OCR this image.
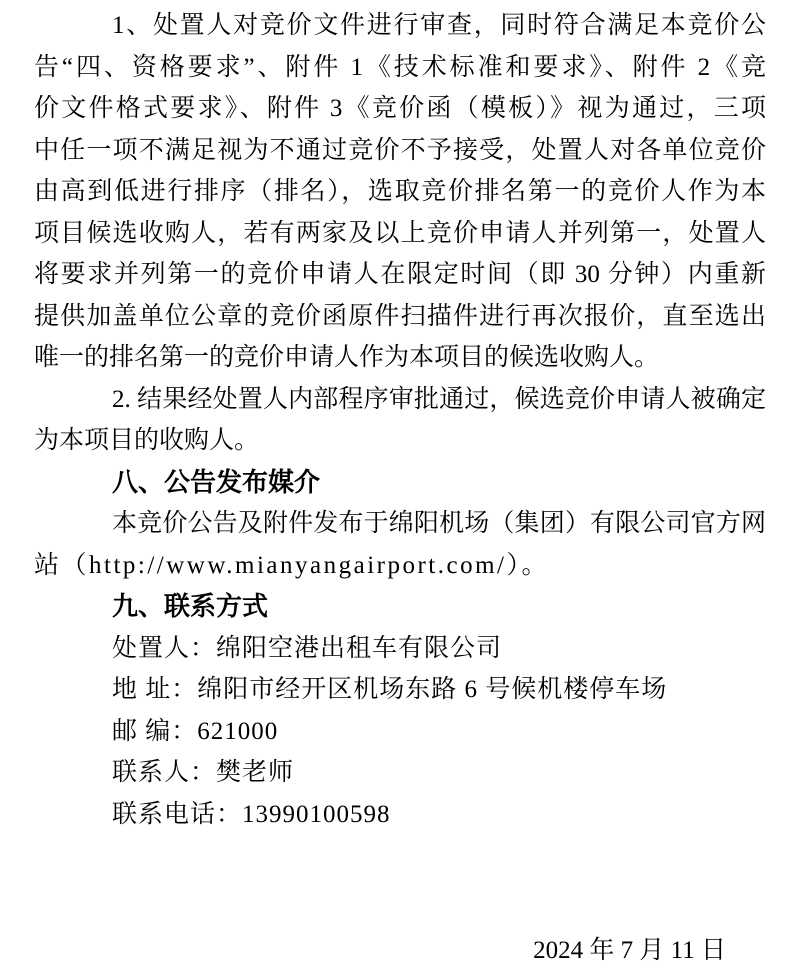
1、处置人对竞价文件进行审查，同时符合满足本竞价公
告“四、资格要求”、附件 1《技术标准和要求》、附件 2《竞
价文件格式要求》、附件 3《竞价函（模板）》视为通过，三项
中任一项不满足视为不通过竞价不予接受，处置人对各单位竞价
由高到低进行排序（排名），选取竞价排名第一的竞价人作为本
项目候选收购人，若有两家及以上竞价申请人并列第一，处置人
将要求并列第一的竞价申请人在限定时间（即 30 分钟）内重新
提供加盖单位公章的竞价函原件扫描件进行再次报价，直至选出
唯一的排名第一的竞价申请人作为本项目的候选收购人。
2. 结果经处置人内部程序审批通过，候选竞价申请人被确定
为本项目的收购人。
八、公告发布媒介
本竞价公告及附件发布于绵阳机场（集团）有限公司官方网
站（http://www.mianyangairport.com/）。
九、联系方式
处置人：绵阳空港出租车有限公司
地 址：绵阳市经开区机场东路 6 号候机楼停车场
邮 编：621000
联系人：樊老师
联系电话：13990100598
2024 年 7 月 11 日
